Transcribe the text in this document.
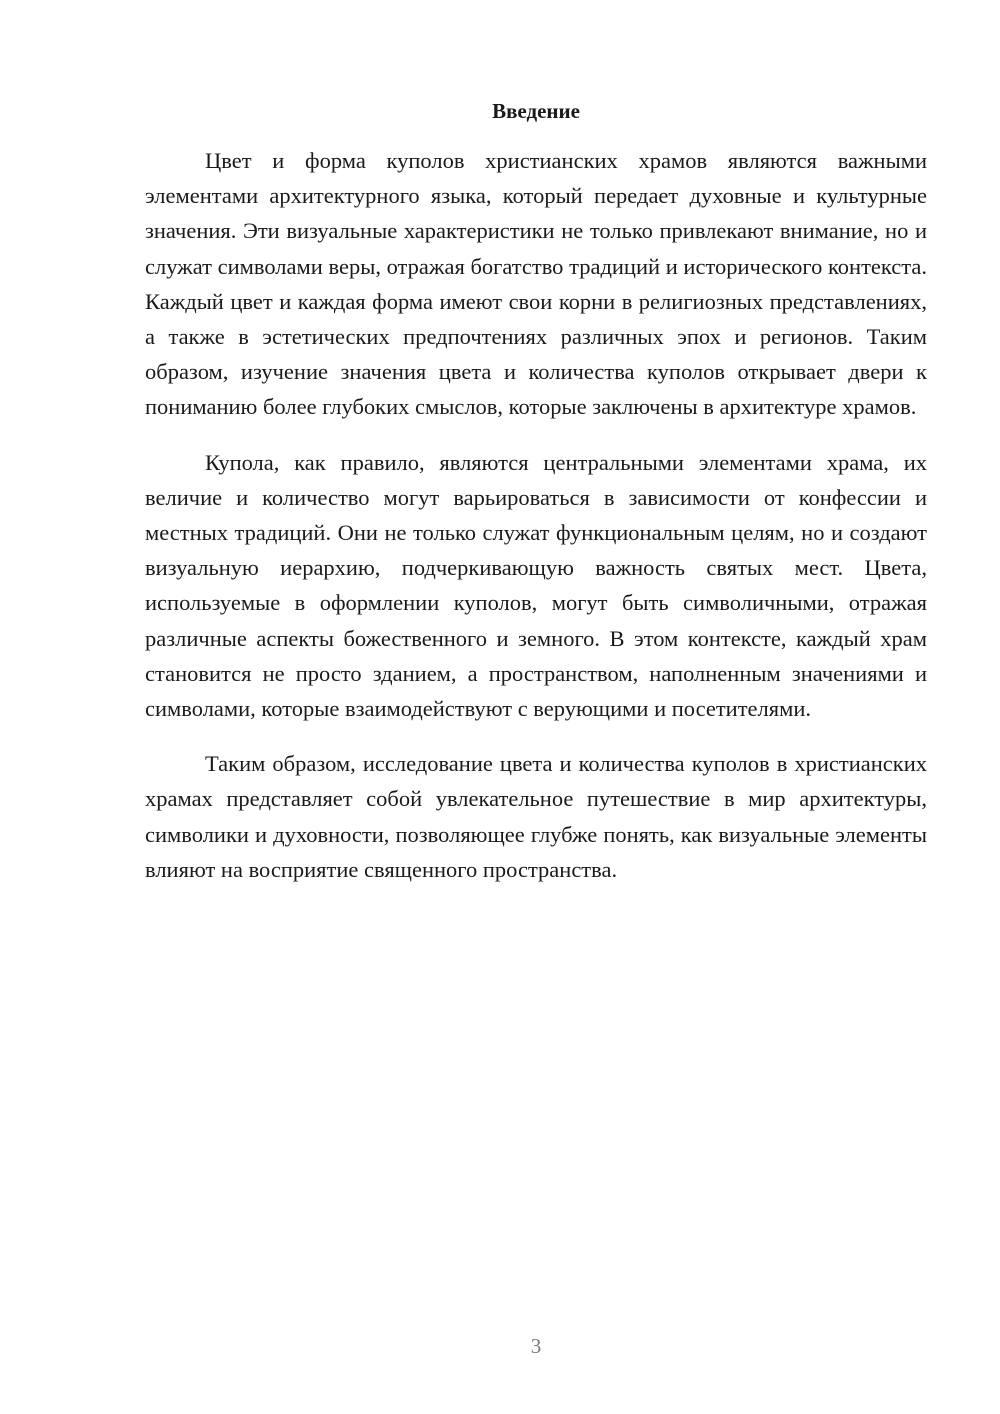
Введение

Цвет и форма куполов христианских храмов являются важными элементами архитектурного языка, который передает духовные и культурные значения. Эти визуальные характеристики не только привлекают внимание, но и служат символами веры, отражая богатство традиций и исторического контекста. Каждый цвет и каждая форма имеют свои корни в религиозных представлениях, а также в эстетических предпочтениях различных эпох и регионов. Таким образом, изучение значения цвета и количества куполов открывает двери к пониманию более глубоких смыслов, которые заключены в архитектуре храмов.

Купола, как правило, являются центральными элементами храма, их величие и количество могут варьироваться в зависимости от конфессии и местных традиций. Они не только служат функциональным целям, но и создают визуальную иерархию, подчеркивающую важность святых мест. Цвета, используемые в оформлении куполов, могут быть символичными, отражая различные аспекты божественного и земного. В этом контексте, каждый храм становится не просто зданием, а пространством, наполненным значениями и символами, которые взаимодействуют с верующими и посетителями.

Таким образом, исследование цвета и количества куполов в христианских храмах представляет собой увлекательное путешествие в мир архитектуры, символики и духовности, позволяющее глубже понять, как визуальные элементы влияют на восприятие священного пространства.

3
